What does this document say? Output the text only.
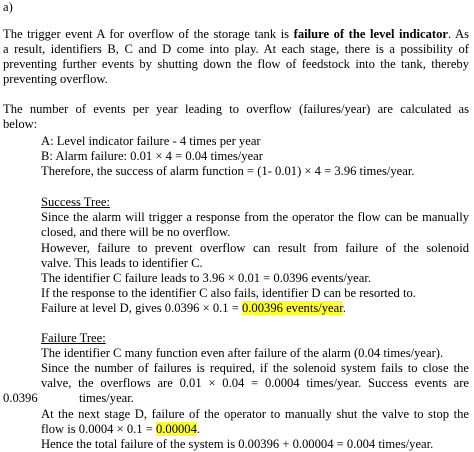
a)
The trigger event A for overflow of the storage tank is failure of the level indicator. As
a result, identifiers B, C and D come into play. At each stage, there is a possibility of
preventing further events by shutting down the flow of feedstock into the tank, thereby
preventing overflow.
The number of events per year leading to overflow (failures/year) are calculated as
below:
A: Level indicator failure - 4 times per year
B: Alarm failure: 0.01 × 4 = 0.04 times/year
Therefore, the success of alarm function = (1- 0.01) × 4 = 3.96 times/year.
Success Tree:
Since the alarm will trigger a response from the operator the flow can be manually
closed, and there will be no overflow.
However, failure to prevent overflow can result from failure of the solenoid
valve. This leads to identifier C.
The identifier C failure leads to 3.96 × 0.01 = 0.0396 events/year.
If the response to the identifier C also fails, identifier D can be resorted to.
Failure at level D, gives 0.0396 × 0.1 = 0.00396 events/year.
Failure Tree:
The identifier C many function even after failure of the alarm (0.04 times/year).
Since the number of failures is required, if the solenoid system fails to close the
valve, the overflows are 0.01 × 0.04 = 0.0004 times/year. Success events are
0.0396	times/year.
At the next stage D, failure of the operator to manually shut the valve to stop the
flow is 0.0004 × 0.1 = 0.00004.
Hence the total failure of the system is 0.00396 + 0.00004 = 0.004 times/year.
